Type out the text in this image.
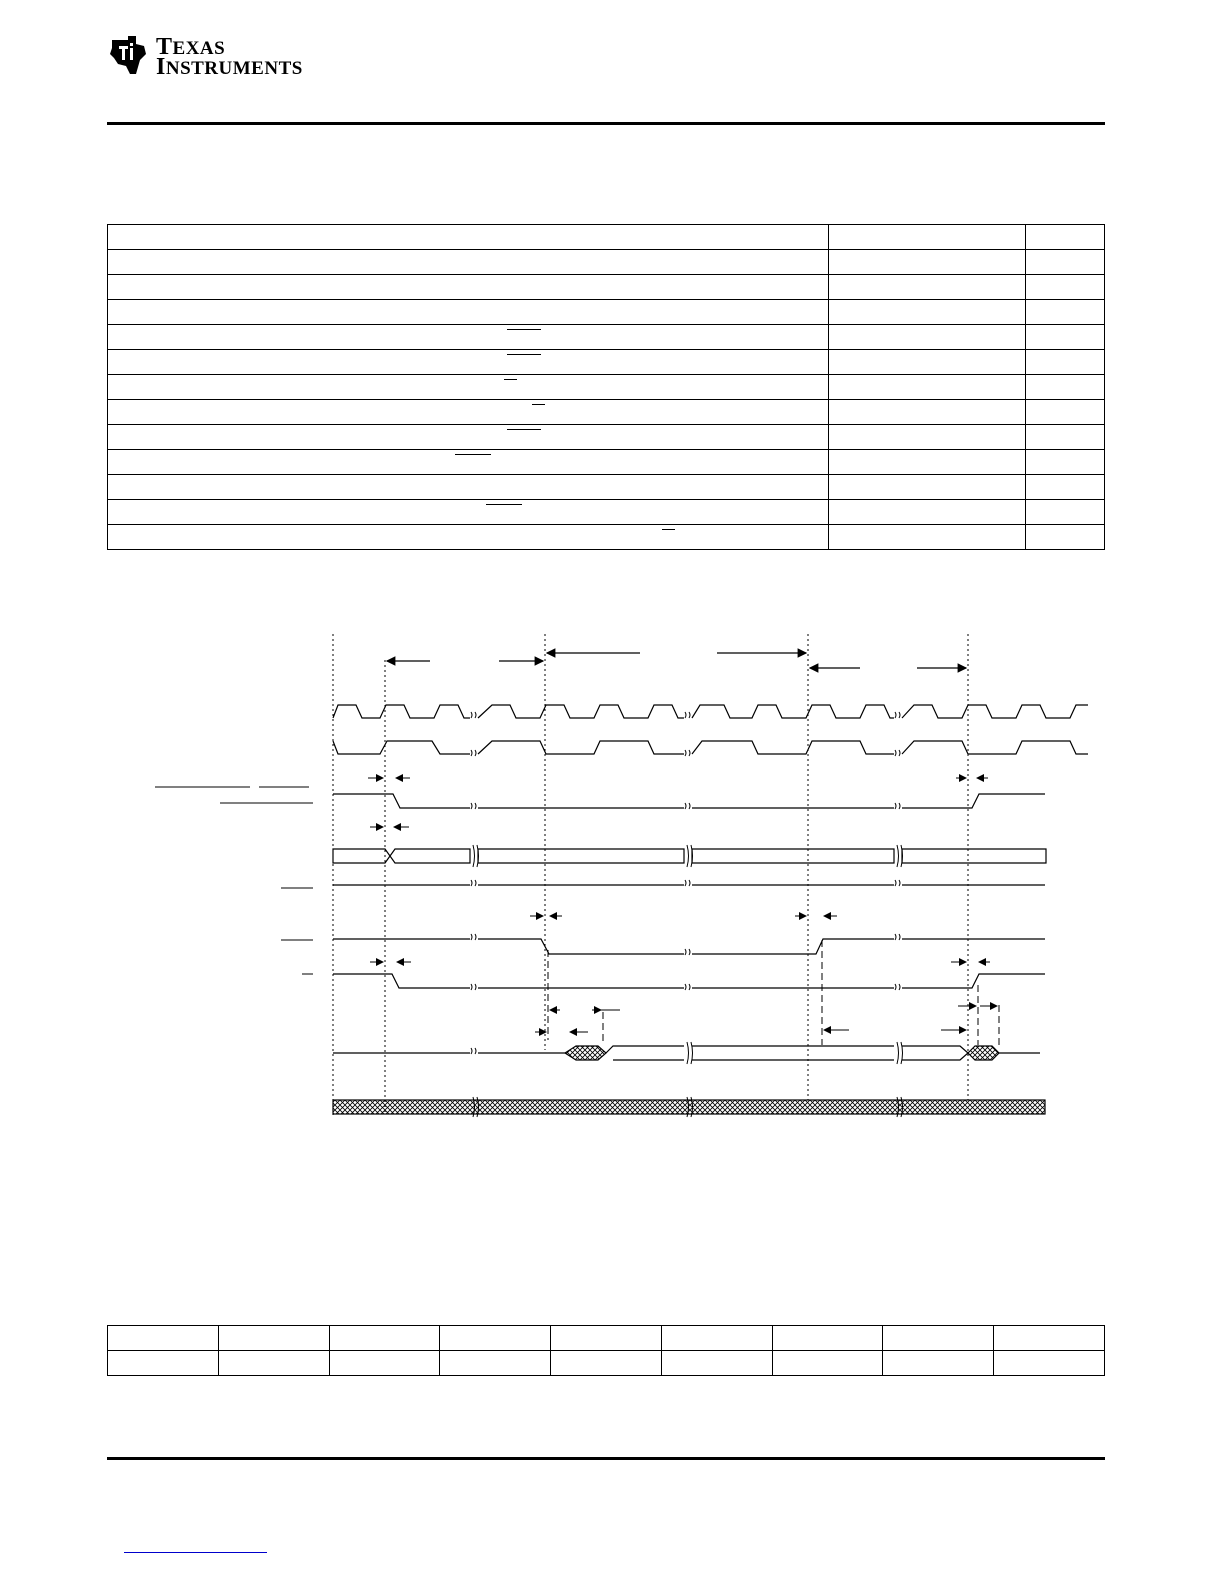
TEXAS
INSTRUMENTS
